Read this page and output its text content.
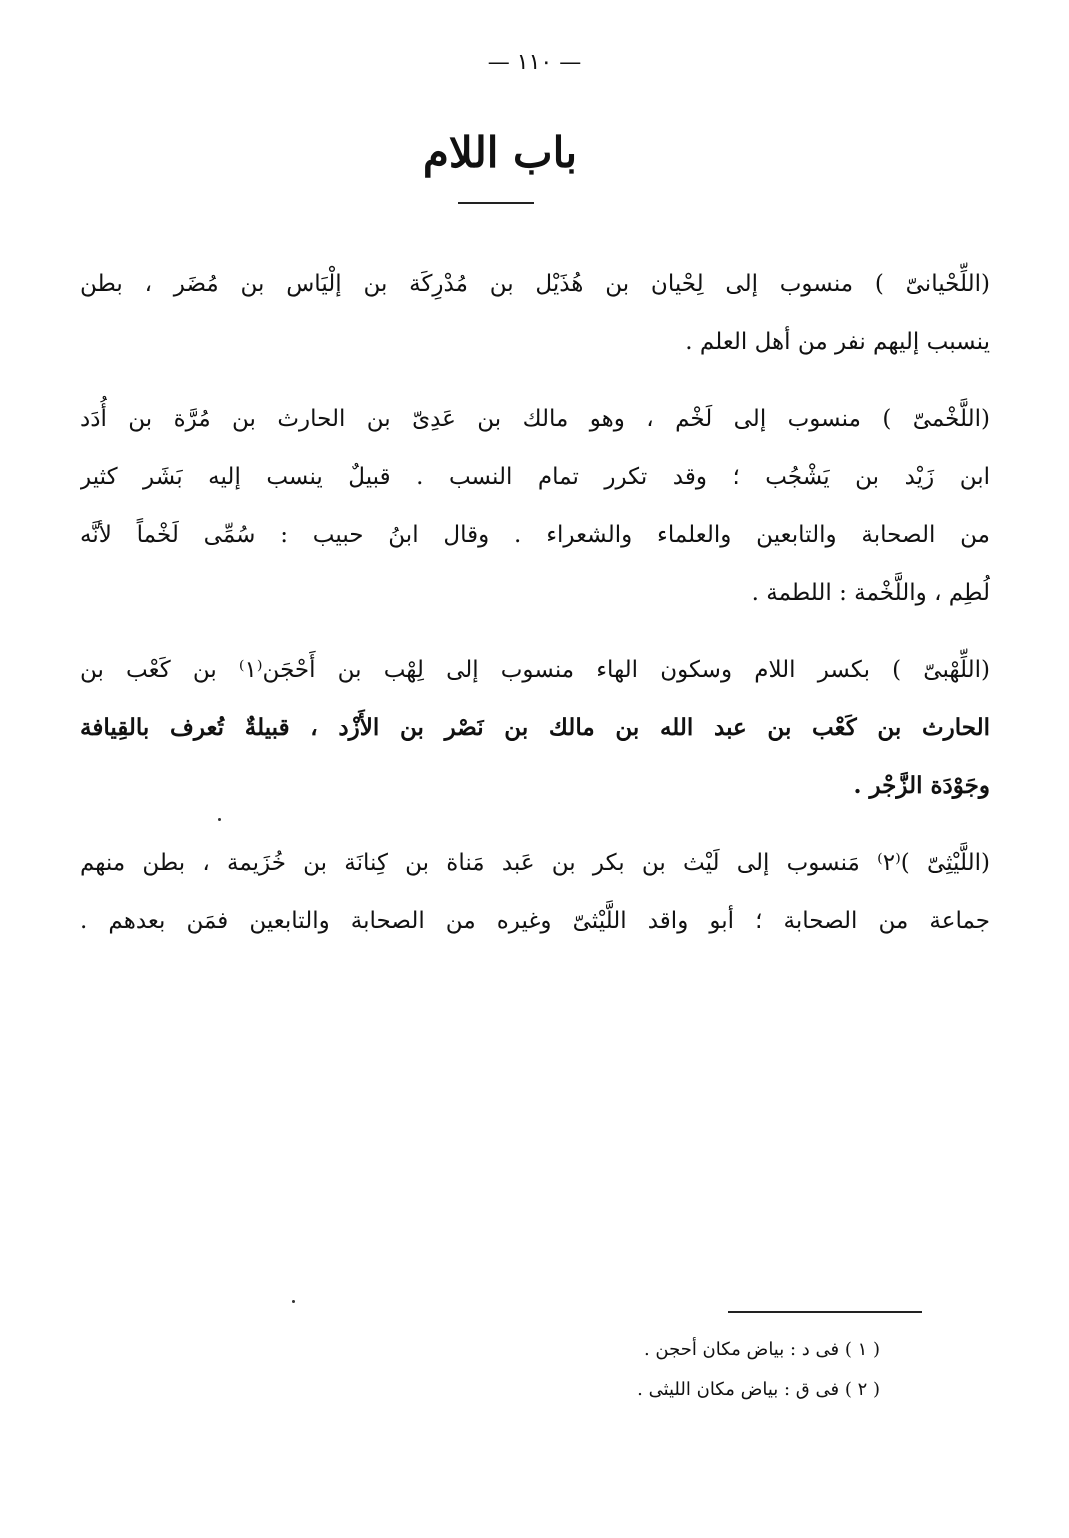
— ١١٠ —
باب اللام
(اللِّحْيانىّ ) منسوب إلى لِحْيان بن هُذَيْل بن مُدْرِكَة بن إلْيَاس بن مُضَر ، بطن
ينسبب إليهم نفر من أهل العلم .
(اللَّخْمىّ ) منسوب إلى لَخْم ، وهو مالك بن عَدِىّ بن الحارث بن مُرَّة بن أُدَد
ابن زَيْد بن يَشْجُب ؛ وقد تكرر تمام النسب . قبيلٌ ينسب إليه بَشَر كثير
من الصحابة والتابعين والعلماء والشعراء . وقال ابنُ حبيب : سُمِّى لَخْماً لأنَّه
لُطِم ، واللَّخْمة : اللطمة .
(اللِّهْبىّ ) بكسر اللام وسكون الهاء منسوب إلى لِهْب بن أَحْجَن⁽١⁾ بن كَعْب بن
الحارث بن كَعْب بن عبد الله بن مالك بن نَصْر بن الأَزْد ، قبيلةٌ تُعرف بالقِيافة
وجَوْدَة الزَّجْر .
(اللَّيْثِىّ )⁽٢⁾ مَنسوب إلى لَيْث بن بكر بن عَبد مَناة بن كِنانَة بن خُزَيمة ، بطن منهم
جماعة من الصحابة ؛ أبو واقد اللَّيْثىّ وغيره من الصحابة والتابعين فمَن بعدهم .
( ١ ) فى د : بياض مكان أحجن .
( ٢ ) فى ق : بياض مكان الليثى .
